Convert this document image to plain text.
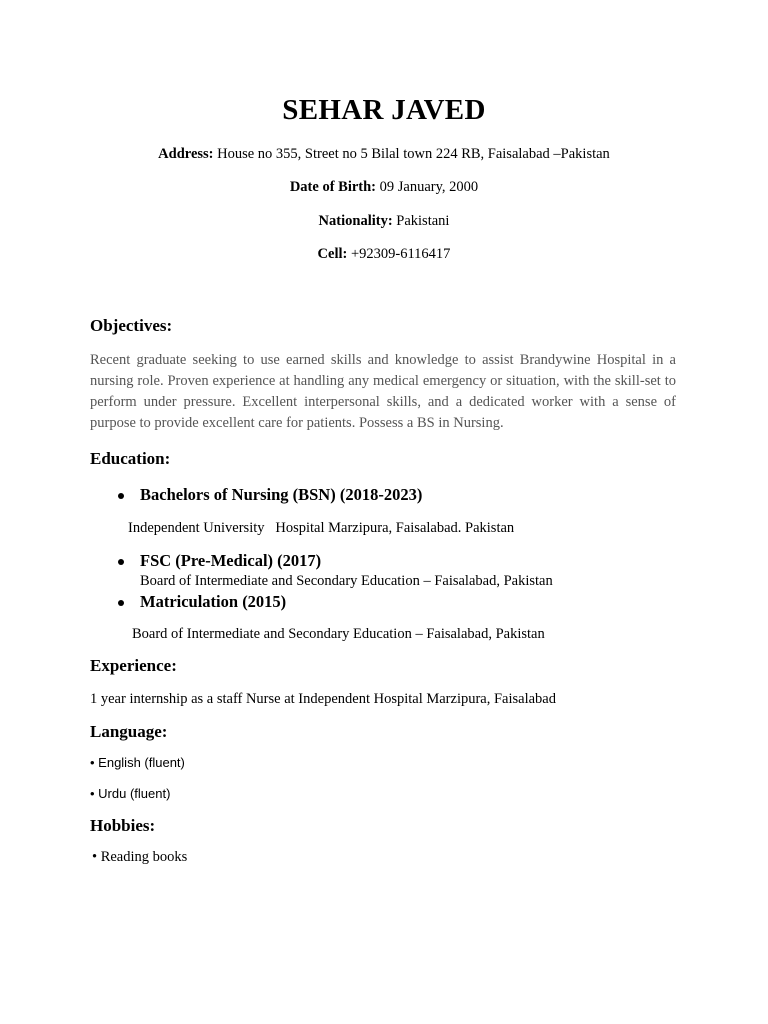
SEHAR JAVED
Address: House no 355, Street no 5 Bilal town 224 RB, Faisalabad –Pakistan
Date of Birth: 09 January, 2000
Nationality: Pakistani
Cell: +92309-6116417
Objectives:
Recent graduate seeking to use earned skills and knowledge to assist Brandywine Hospital in a nursing role. Proven experience at handling any medical emergency or situation, with the skill-set to perform under pressure. Excellent interpersonal skills, and a dedicated worker with a sense of purpose to provide excellent care for patients. Possess a BS in Nursing.
Education:
Bachelors of Nursing (BSN) (2018-2023)
Independent University   Hospital Marzipura, Faisalabad. Pakistan
FSC (Pre-Medical) (2017)
Board of Intermediate and Secondary Education – Faisalabad, Pakistan
Matriculation (2015)
Board of Intermediate and Secondary Education – Faisalabad, Pakistan
Experience:
1 year internship as a staff Nurse at Independent Hospital Marzipura, Faisalabad
Language:
• English (fluent)
• Urdu (fluent)
Hobbies:
• Reading books
